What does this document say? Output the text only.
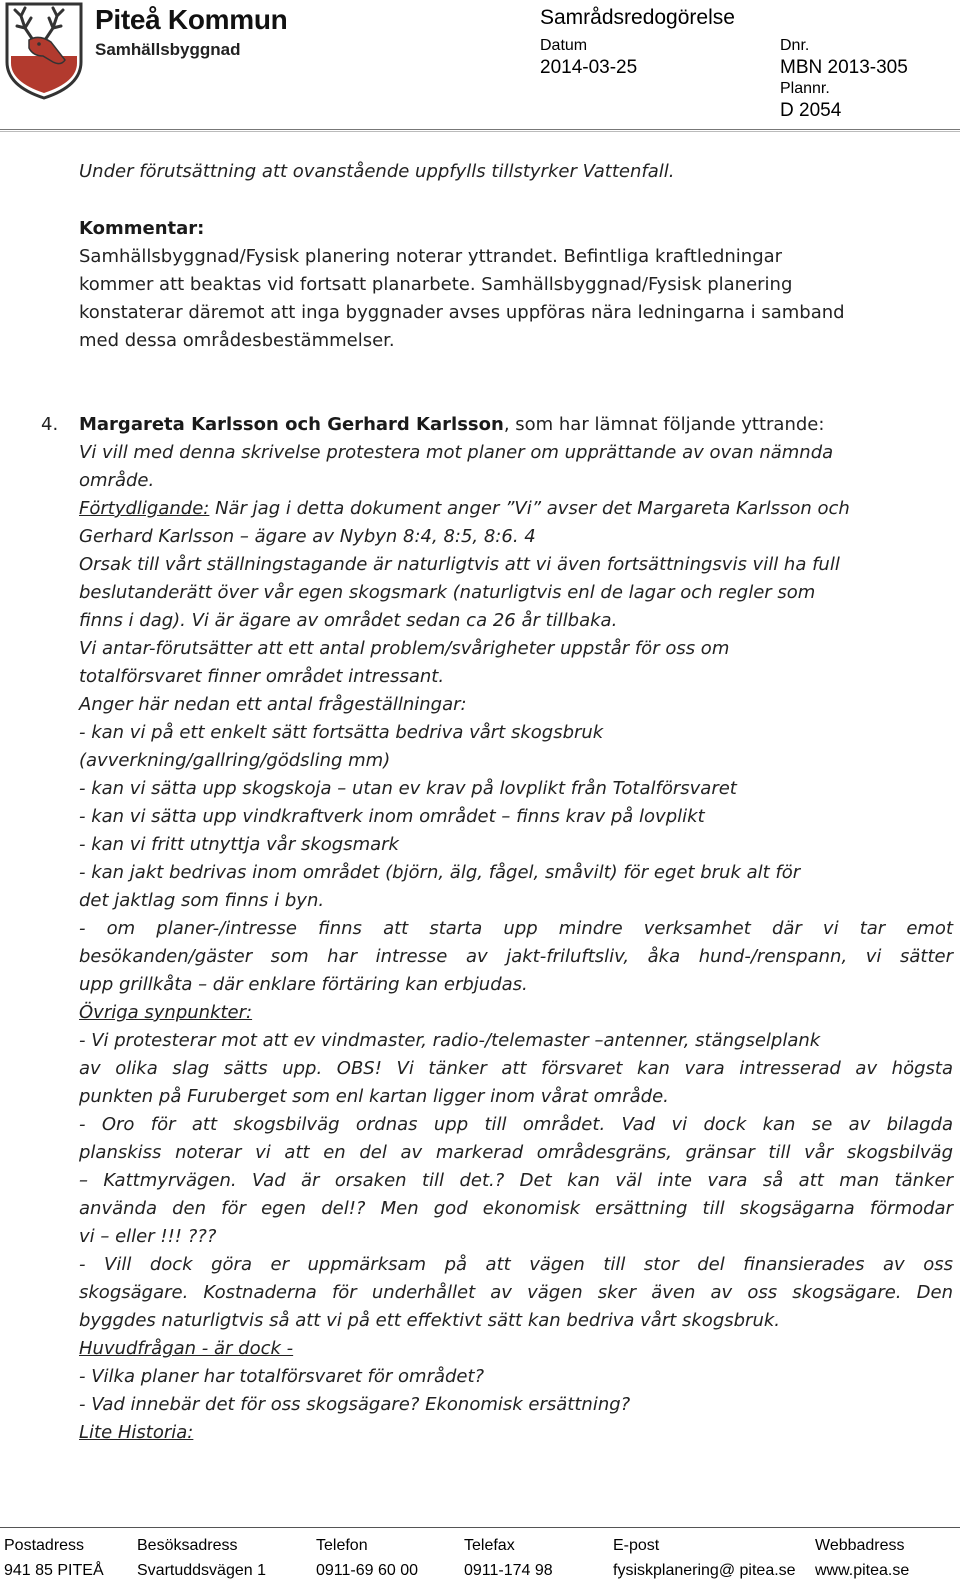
Piteå Kommun
Samhällsbyggnad
Samrådsredogörelse
Datum
2014-03-25
Dnr.
MBN 2013-305
Plannr.
D 2054
Under förutsättning att ovanstående uppfylls tillstyrker Vattenfall.
Kommentar:
Samhällsbyggnad/Fysisk planering noterar yttrandet. Befintliga kraftledningar
kommer att beaktas vid fortsatt planarbete. Samhällsbyggnad/Fysisk planering
konstaterar däremot att inga byggnader avses uppföras nära ledningarna i samband
med dessa områdesbestämmelser.
4. Margareta Karlsson och Gerhard Karlsson, som har lämnat följande yttrande:
Vi vill med denna skrivelse protestera mot planer om upprättande av ovan nämnda
område.
Förtydligande: När jag i detta dokument anger ”Vi” avser det Margareta Karlsson och
Gerhard Karlsson – ägare av Nybyn 8:4, 8:5, 8:6. 4
Orsak till vårt ställningstagande är naturligtvis att vi även fortsättningsvis vill ha full
beslutanderätt över vår egen skogsmark (naturligtvis enl de lagar och regler som
finns i dag). Vi är ägare av området sedan ca 26 år tillbaka.
Vi antar-förutsätter att ett antal problem/svårigheter uppstår för oss om
totalförsvaret finner området intressant.
Anger här nedan ett antal frågeställningar:
- kan vi på ett enkelt sätt fortsätta bedriva vårt skogsbruk
(avverkning/gallring/gödsling mm)
- kan vi sätta upp skogskoja – utan ev krav på lovplikt från Totalförsvaret
- kan vi sätta upp vindkraftverk inom området – finns krav på lovplikt
- kan vi fritt utnyttja vår skogsmark
- kan jakt bedrivas inom området (björn, älg, fågel, småvilt) för eget bruk alt för
det jaktlag som finns i byn.
- om planer-/intresse finns att starta upp mindre verksamhet där vi tar emot
besökanden/gäster som har intresse av jakt-friluftsliv, åka hund-/renspann, vi sätter
upp grillkåta – där enklare förtäring kan erbjudas.
Övriga synpunkter:
- Vi protesterar mot att ev vindmaster, radio-/telemaster –antenner, stängselplank
av olika slag sätts upp. OBS! Vi tänker att försvaret kan vara intresserad av högsta
punkten på Furuberget som enl kartan ligger inom vårat område.
- Oro för att skogsbilväg ordnas upp till området. Vad vi dock kan se av bilagda
planskiss noterar vi att en del av markerad områdesgräns, gränsar till vår skogsbilväg
– Kattmyrvägen. Vad är orsaken till det.? Det kan väl inte vara så att man tänker
använda den för egen del!? Men god ekonomisk ersättning till skogsägarna förmodar
vi – eller !!! ???
- Vill dock göra er uppmärksam på att vägen till stor del finansierades av oss
skogsägare. Kostnaderna för underhållet av vägen sker även av oss skogsägare. Den
byggdes naturligtvis så att vi på ett effektivt sätt kan bedriva vårt skogsbruk.
Huvudfrågan - är dock -
- Vilka planer har totalförsvaret för området?
- Vad innebär det för oss skogsägare? Ekonomisk ersättning?
Lite Historia:
Postadress
941 85 PITEÅ
Besöksadress
Svartuddsvägen 1
Telefon
0911-69 60 00
Telefax
0911-174 98
E-post
fysiskplanering@ pitea.se
Webbadress
www.pitea.se
